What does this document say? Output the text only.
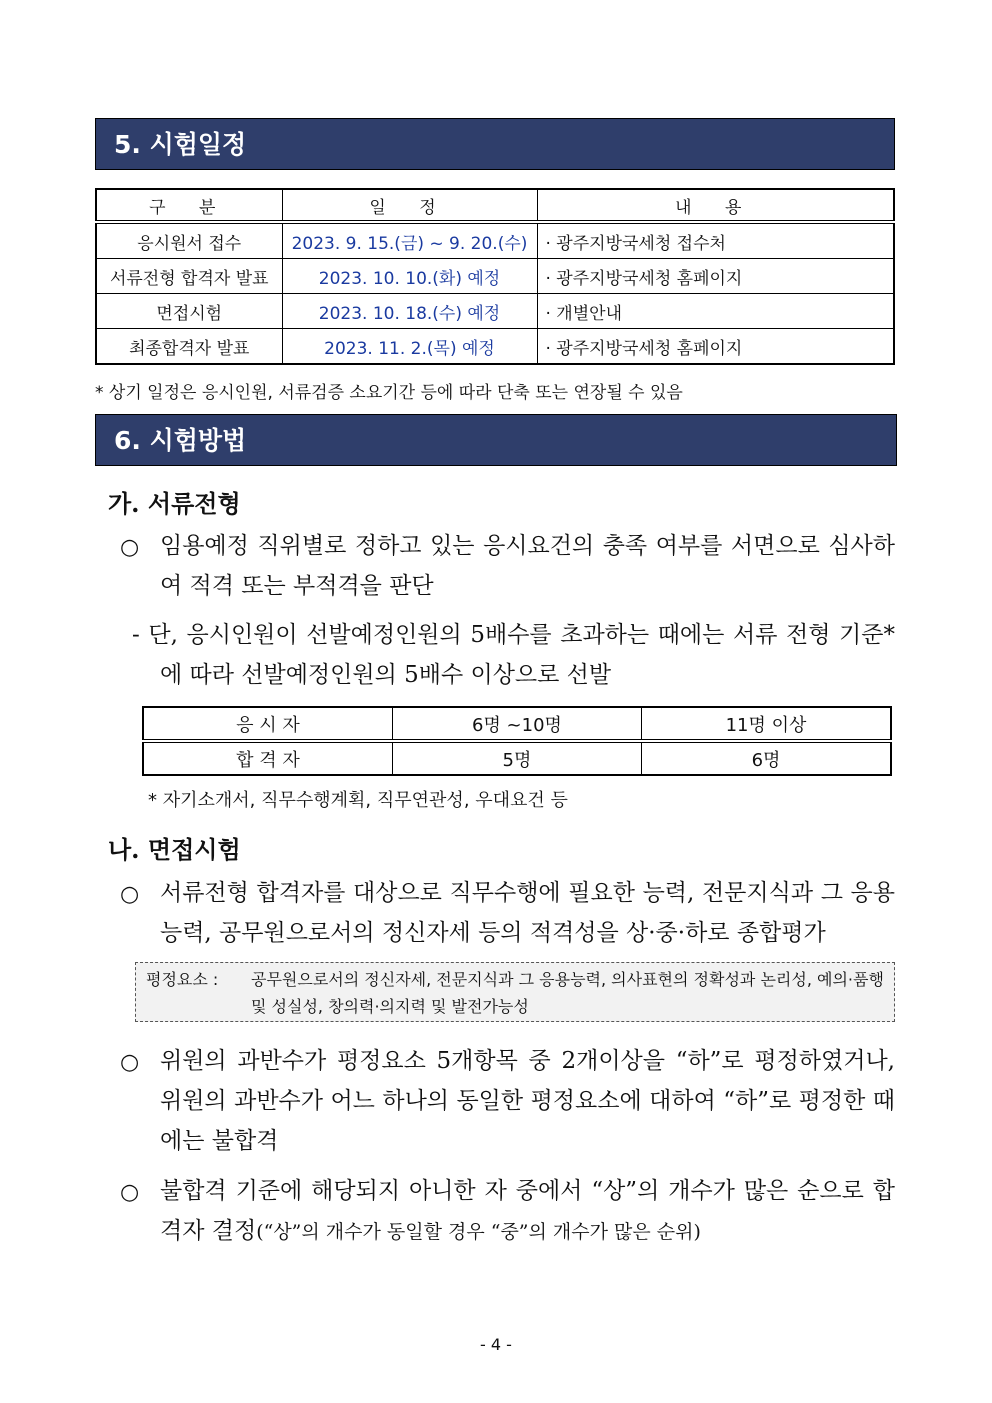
5. 시험일정
구 분	일 정	내 용
응시원서 접수	2023. 9. 15.(금) ~ 9. 20.(수)	· 광주지방국세청 접수처
서류전형 합격자 발표	2023. 10. 10.(화) 예정	· 광주지방국세청 홈페이지
면접시험	2023. 10. 18.(수) 예정	· 개별안내
최종합격자 발표	2023. 11. 2.(목) 예정	· 광주지방국세청 홈페이지
* 상기 일정은 응시인원, 서류검증 소요기간 등에 따라 단축 또는 연장될 수 있음
6. 시험방법
가. 서류전형
○ 임용예정 직위별로 정하고 있는 응시요건의 충족 여부를 서면으로 심사하여 적격 또는 부적격을 판단
- 단, 응시인원이 선발예정인원의 5배수를 초과하는 때에는 서류 전형 기준*에 따라 선발예정인원의 5배수 이상으로 선발
응 시 자	6명 ~10명	11명 이상
합 격 자	5명	6명
* 자기소개서, 직무수행계획, 직무연관성, 우대요건 등
나. 면접시험
○ 서류전형 합격자를 대상으로 직무수행에 필요한 능력, 전문지식과 그 응용능력, 공무원으로서의 정신자세 등의 적격성을 상·중·하로 종합평가
평정요소 : 공무원으로서의 정신자세, 전문지식과 그 응용능력, 의사표현의 정확성과 논리성, 예의·품행 및 성실성, 창의력·의지력 및 발전가능성
○ 위원의 과반수가 평정요소 5개항목 중 2개이상을 “하”로 평정하였거나, 위원의 과반수가 어느 하나의 동일한 평정요소에 대하여 “하”로 평정한 때에는 불합격
○ 불합격 기준에 해당되지 아니한 자 중에서 “상”의 개수가 많은 순으로 합격자 결정(“상”의 개수가 동일할 경우 “중”의 개수가 많은 순위)
- 4 -
